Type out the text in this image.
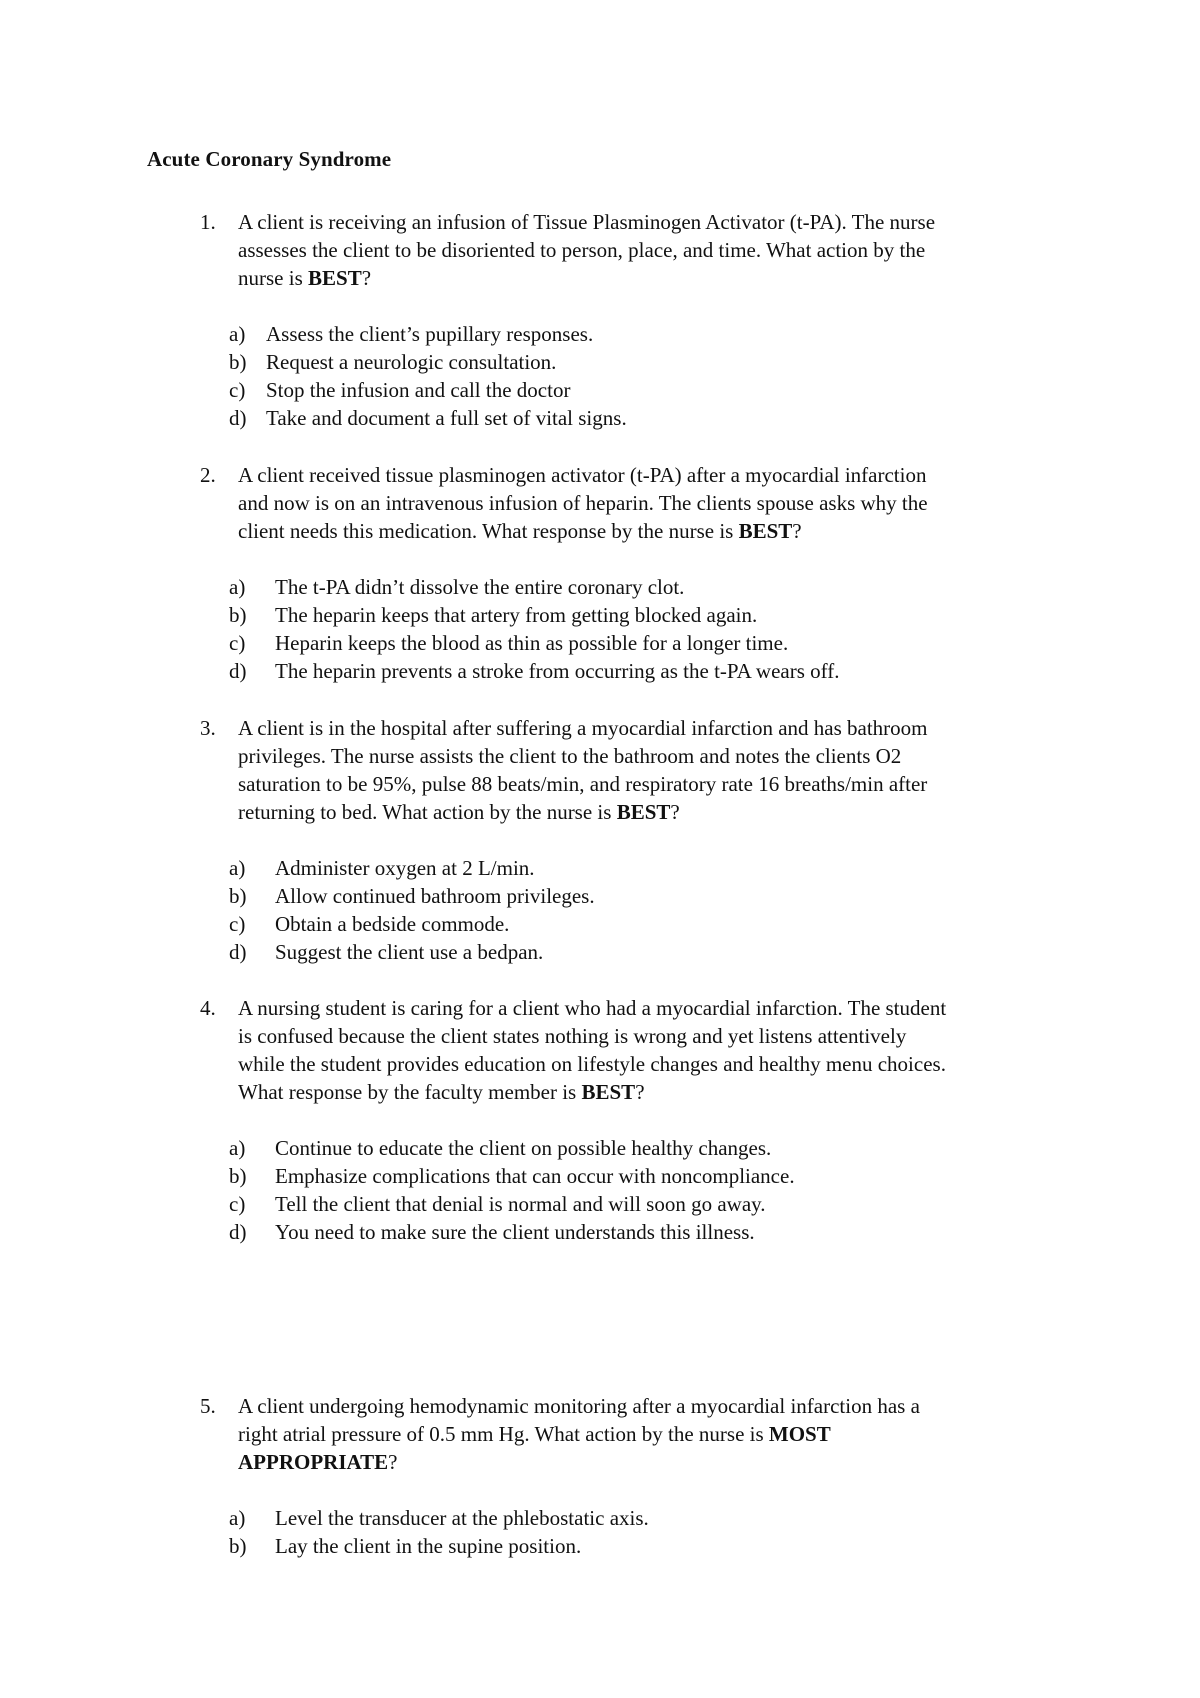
Acute Coronary Syndrome
1. A client is receiving an infusion of Tissue Plasminogen Activator (t-PA). The nurse
assesses the client to be disoriented to person, place, and time. What action by the
nurse is BEST?
a) Assess the client’s pupillary responses.
b) Request a neurologic consultation.
c) Stop the infusion and call the doctor
d) Take and document a full set of vital signs.
2. A client received tissue plasminogen activator (t-PA) after a myocardial infarction
and now is on an intravenous infusion of heparin. The clients spouse asks why the
client needs this medication. What response by the nurse is BEST?
a) The t-PA didn’t dissolve the entire coronary clot.
b) The heparin keeps that artery from getting blocked again.
c) Heparin keeps the blood as thin as possible for a longer time.
d) The heparin prevents a stroke from occurring as the t-PA wears off.
3. A client is in the hospital after suffering a myocardial infarction and has bathroom
privileges. The nurse assists the client to the bathroom and notes the clients O2
saturation to be 95%, pulse 88 beats/min, and respiratory rate 16 breaths/min after
returning to bed. What action by the nurse is BEST?
a) Administer oxygen at 2 L/min.
b) Allow continued bathroom privileges.
c) Obtain a bedside commode.
d) Suggest the client use a bedpan.
4. A nursing student is caring for a client who had a myocardial infarction. The student
is confused because the client states nothing is wrong and yet listens attentively
while the student provides education on lifestyle changes and healthy menu choices.
What response by the faculty member is BEST?
a) Continue to educate the client on possible healthy changes.
b) Emphasize complications that can occur with noncompliance.
c) Tell the client that denial is normal and will soon go away.
d) You need to make sure the client understands this illness.
5. A client undergoing hemodynamic monitoring after a myocardial infarction has a
right atrial pressure of 0.5 mm Hg. What action by the nurse is MOST
APPROPRIATE?
a) Level the transducer at the phlebostatic axis.
b) Lay the client in the supine position.
